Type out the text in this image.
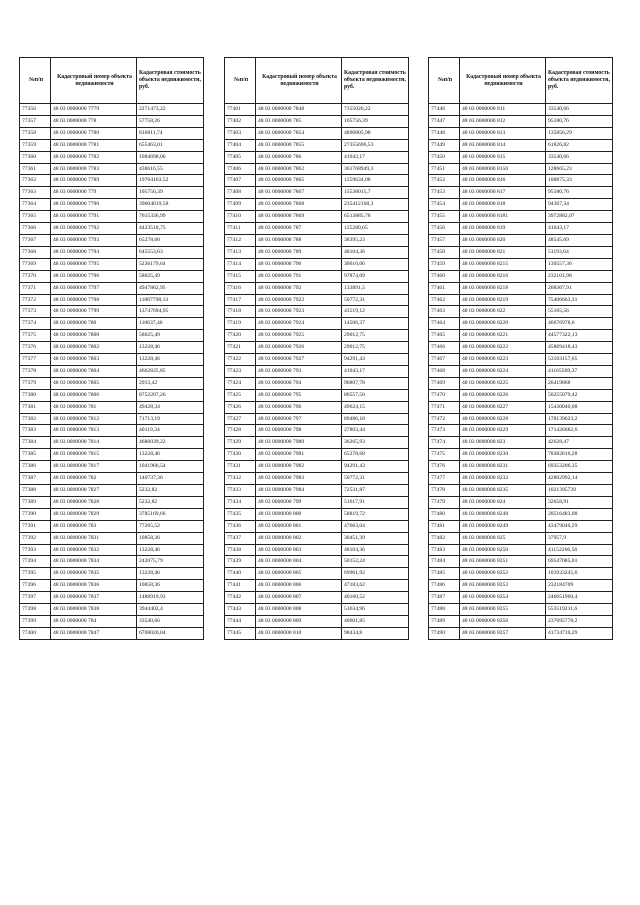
№п/п	Кадастровый номер объекта недвижимости	Кадастровая стоимость объекта недвижимости, руб.
77356	48 03 0000000 7779	2271473,22
77357	48 03 0000000 778	57758,26
77358	48 03 0000000 7780	816811,74
77359	48 03 0000000 7781	655463,01
77360	48 03 0000000 7782	1084698,06
77361	48 03 0000000 7783	438616,55
77362	48 03 0000000 7789	19764163,52
77363	48 03 0000000 779	105756,39
77364	48 03 0000000 7790	39604019,58
77365	48 03 0000000 7791	7615336,99
77366	48 03 0000000 7792	4423518,75
77367	48 03 0000000 7793	65278,68
77368	48 03 0000000 7794	645553,63
77369	48 03 0000000 7795	5236179,64
77370	48 03 0000000 7796	58025,49
77371	48 03 0000000 7797	4947862,95
77372	48 03 0000000 7798	11887798,13
77373	48 03 0000000 7799	13747694,95
77374	48 03 0000000 780	110637,46
77375	48 03 0000000 7800	58025,49
77376	48 03 0000000 7802	13228,46
77377	48 03 0000000 7803	13228,46
77378	48 03 0000000 7804	4662835,85
77379	48 03 0000000 7805	2913,42
77380	48 03 0000000 7806	8752207,26
77381	48 03 0000000 781	49428,34
77382	48 03 0000000 7812	71713,19
77383	48 03 0000000 7813	40119,34
77384	48 03 0000000 7814	4680039,22
77385	48 03 0000000 7815	13228,46
77386	48 03 0000000 7817	1041966,54
77387	48 03 0000000 782	140737,36
77388	48 03 0000000 7827	5232,82
77389	48 03 0000000 7828	5232,82
77390	48 03 0000000 7829	3785169,66
77391	48 03 0000000 783	77265,52
77392	48 03 0000000 7831	10858,36
77393	48 03 0000000 7832	13228,46
77394	48 03 0000000 7834	242075,79
77395	48 03 0000000 7835	13228,46
77396	48 03 0000000 7836	10858,36
77397	48 03 0000000 7837	1488919,93
77398	48 03 0000000 7838	3944402,4
77399	48 03 0000000 784	33540,66
77400	48 03 0000000 7847	6768020,04
№п/п	Кадастровый номер объекта недвижимости	Кадастровая стоимость объекта недвижимости, руб.
77401	48 03 0000000 7848	7355026,22
77402	48 03 0000000 785	105756,39
77403	48 03 0000000 7854	4890805,98
77404	48 03 0000000 7855	27355696,53
77405	48 03 0000000 786	41043,17
77406	48 03 0000000 7862	361768949,3
77407	48 03 0000000 7865	1259634,08
77408	48 03 0000000 7867	15538015,7
77409	48 03 0000000 7868	235412168,3
77410	48 03 0000000 7869	6513885,78
77411	48 03 0000000 787	125280,65
77412	48 03 0000000 788	38395,23
77413	48 03 0000000 789	48104,36
77414	48 03 0000000 790	30610,06
77415	48 03 0000000 791	97874,09
77416	48 03 0000000 792	133891,5
77417	48 03 0000000 7922	50772,31
77418	48 03 0000000 7923	43519,12
77419	48 03 0000000 7924	14506,37
77420	48 03 0000000 7925	29012,75
77421	48 03 0000000 7926	29012,75
77422	48 03 0000000 7927	94291,43
77423	48 03 0000000 793	41043,17
77424	48 03 0000000 794	96807,78
77425	48 03 0000000 795	80557,56
77426	48 03 0000000 796	49624,15
77427	48 03 0000000 797	89486,18
77428	48 03 0000000 798	27803,44
77429	48 03 0000000 7980	36265,93
77430	48 03 0000000 7981	65278,68
77431	48 03 0000000 7982	94291,43
77432	48 03 0000000 7983	50772,31
77433	48 03 0000000 7984	72531,87
77434	48 03 0000000 799	51617,91
77435	48 03 0000000 800	58819,72
77436	48 03 0000000 801	47663,04
77437	48 03 0000000 802	30451,39
77438	48 03 0000000 803	48104,36
77439	48 03 0000000 804	50152,24
77440	48 03 0000000 805	69961,92
77441	48 03 0000000 806	47183,62
77442	48 03 0000000 807	40160,52
77443	48 03 0000000 808	51634,96
77444	48 03 0000000 809	40601,85
77445	48 03 0000000 810	98434,8
№п/п	Кадастровый номер объекта недвижимости	Кадастровая стоимость объекта недвижимости, руб.
77446	48 03 0000000 811	33540,66
77447	48 03 0000000 812	95180,76
77448	48 03 0000000 813	135856,29
77449	48 03 0000000 814	61826,82
77450	48 03 0000000 815	33540,66
77451	48 03 0000000 8150	128665,23
77452	48 03 0000000 816	100875,33
77453	48 03 0000000 817	95180,76
77454	48 03 0000000 818	94367,34
77455	48 03 0000000 8181	3972882,07
77456	48 03 0000000 819	41043,17
77457	48 03 0000000 820	48545,69
77458	48 03 0000000 821	51193,64
77459	48 03 0000000 8215	130557,36
77460	48 03 0000000 8216	232101,98
77461	48 03 0000000 8218	268367,91
77462	48 03 0000000 8219	75406663,31
77463	48 03 0000000 822	55165,56
77464	48 03 0000000 8220	46676978,6
77465	48 03 0000000 8221	44577322,13
77466	48 03 0000000 8222	45869418,43
77467	48 03 0000000 8223	53103157,65
77468	48 03 0000000 8224	41165569,37
77469	48 03 0000000 8225	26419868
77470	48 03 0000000 8226	50255079,42
77471	48 03 0000000 8227	15430040,08
77472	48 03 0000000 8228	178139623,2
77473	48 03 0000000 8229	171426682,6
77474	48 03 0000000 823	42628,47
77475	48 03 0000000 8230	78382816,28
77476	48 03 0000000 8231	69353206,35
77477	48 03 0000000 8232	42802992,14
77478	48 03 0000000 8235	1021395739
77479	48 03 0000000 824	32658,91
77480	48 03 0000000 8248	28516483,08
77481	48 03 0000000 8249	43479040,29
77482	48 03 0000000 825	37957,9
77483	48 03 0000000 8250	41152266,56
77484	48 03 0000000 8251	69547085,01
77485	48 03 0000000 8252	101933245,6
77486	48 03 0000000 8253	232184709
77487	48 03 0000000 8254	246651960,4
77488	48 03 0000000 8255	553519211,6
77489	48 03 0000000 8256	237695778,2
77490	48 03 0000000 8257	41734710,29
